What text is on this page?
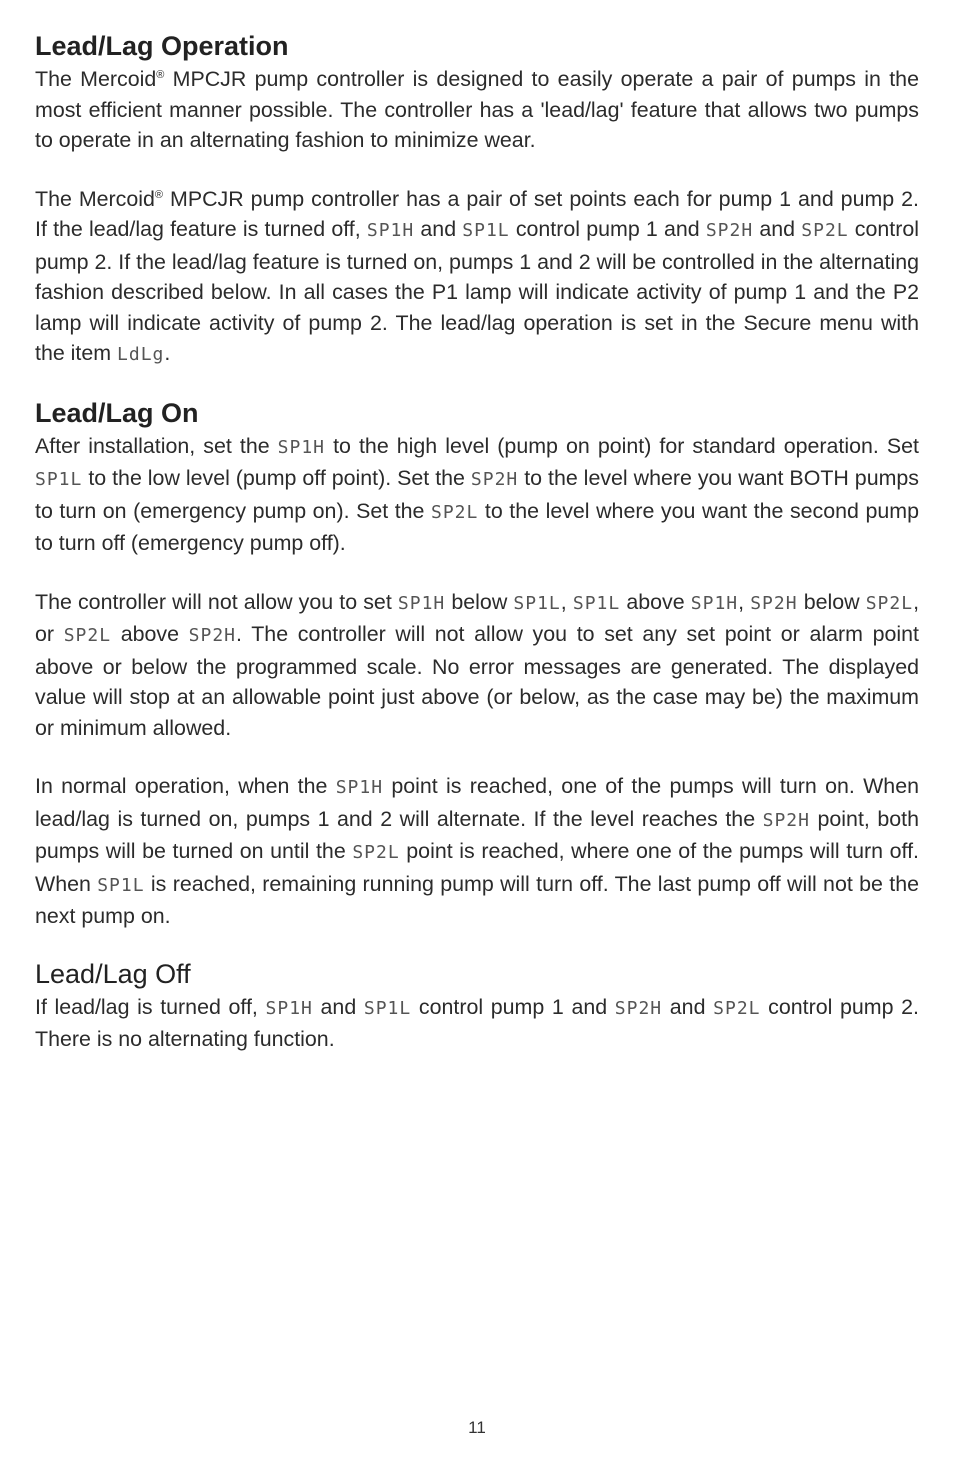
Lead/Lag Operation

The Mercoid® MPCJR pump controller is designed to easily operate a pair of pumps in the most efficient manner possible. The controller has a 'lead/lag' feature that allows two pumps to operate in an alternating fashion to minimize wear.

The Mercoid® MPCJR pump controller has a pair of set points each for pump 1 and pump 2. If the lead/lag feature is turned off, SP1H and SP1L control pump 1 and SP2H and SP2L control pump 2. If the lead/lag feature is turned on, pumps 1 and 2 will be controlled in the alternating fashion described below. In all cases the P1 lamp will indicate activity of pump 1 and the P2 lamp will indicate activity of pump 2. The lead/lag operation is set in the Secure menu with the item LdLg.

Lead/Lag On

After installation, set the SP1H to the high level (pump on point) for standard operation. Set SP1L to the low level (pump off point). Set the SP2H to the level where you want BOTH pumps to turn on (emergency pump on). Set the SP2L to the level where you want the second pump to turn off (emergency pump off).

The controller will not allow you to set SP1H below SP1L, SP1L above SP1H, SP2H below SP2L, or SP2L above SP2H. The controller will not allow you to set any set point or alarm point above or below the programmed scale. No error messages are generated. The displayed value will stop at an allowable point just above (or below, as the case may be) the maximum or minimum allowed.

In normal operation, when the SP1H point is reached, one of the pumps will turn on. When lead/lag is turned on, pumps 1 and 2 will alternate. If the level reaches the SP2H point, both pumps will be turned on until the SP2L point is reached, where one of the pumps will turn off. When SP1L is reached, remaining running pump will turn off. The last pump off will not be the next pump on.

Lead/Lag Off

If lead/lag is turned off, SP1H and SP1L control pump 1 and SP2H and SP2L control pump 2. There is no alternating function.

11
